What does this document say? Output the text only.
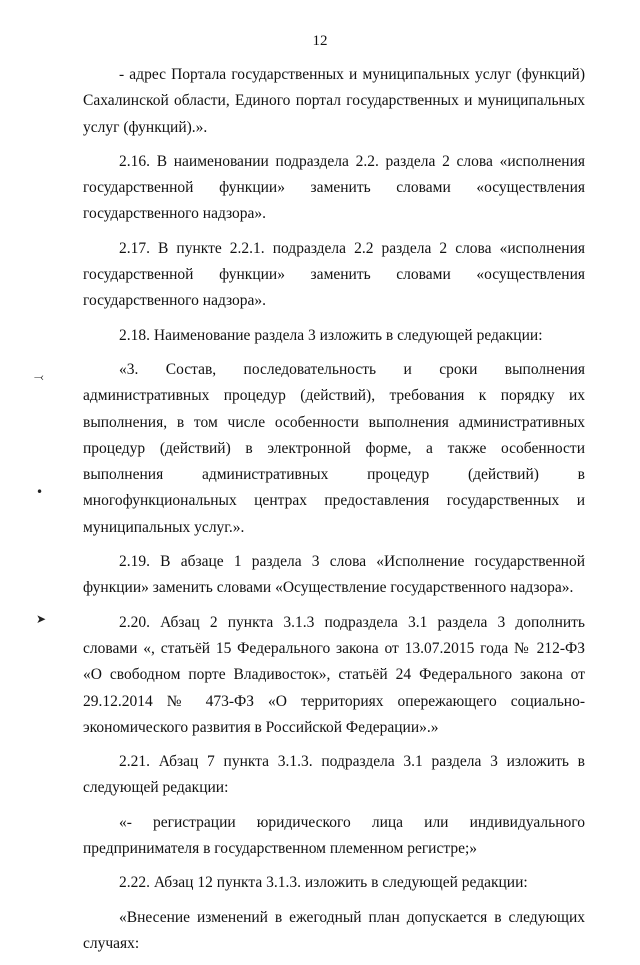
12
⤙
•
➤

- адрес Портала государственных и муниципальных услуг (функций) Сахалинской области, Единого портал государственных и муниципальных услуг (функций).».

2.16. В наименовании подраздела 2.2. раздела 2 слова «исполнения государственной функции» заменить словами «осуществления государственного надзора».

2.17. В пункте 2.2.1. подраздела 2.2 раздела 2 слова «исполнения государственной функции» заменить словами «осуществления государственного надзора».

2.18. Наименование раздела 3 изложить в следующей редакции:

«3. Состав, последовательность и сроки выполнения административных процедур (действий), требования к порядку их выполнения, в том числе особенности выполнения административных процедур (действий) в электронной форме, а также особенности выполнения административных процедур (действий) в многофункциональных центрах предоставления государственных и муниципальных услуг.».

2.19. В абзаце 1 раздела 3 слова «Исполнение государственной функции» заменить словами «Осуществление государственного надзора».

2.20. Абзац 2 пункта 3.1.3 подраздела 3.1 раздела 3 дополнить словами «, статьёй 15 Федерального закона от 13.07.2015 года № 212-ФЗ «О свободном порте Владивосток», статьёй 24 Федерального закона от 29.12.2014 № 473-ФЗ «О территориях опережающего социально-экономического развития в Российской Федерации».»

2.21. Абзац 7 пункта 3.1.3. подраздела 3.1 раздела 3 изложить в следующей редакции:

«- регистрации юридического лица или индивидуального предпринимателя в государственном племенном регистре;»

2.22. Абзац 12 пункта 3.1.3. изложить в следующей редакции:

«Внесение изменений в ежегодный план допускается в следующих случаях:
